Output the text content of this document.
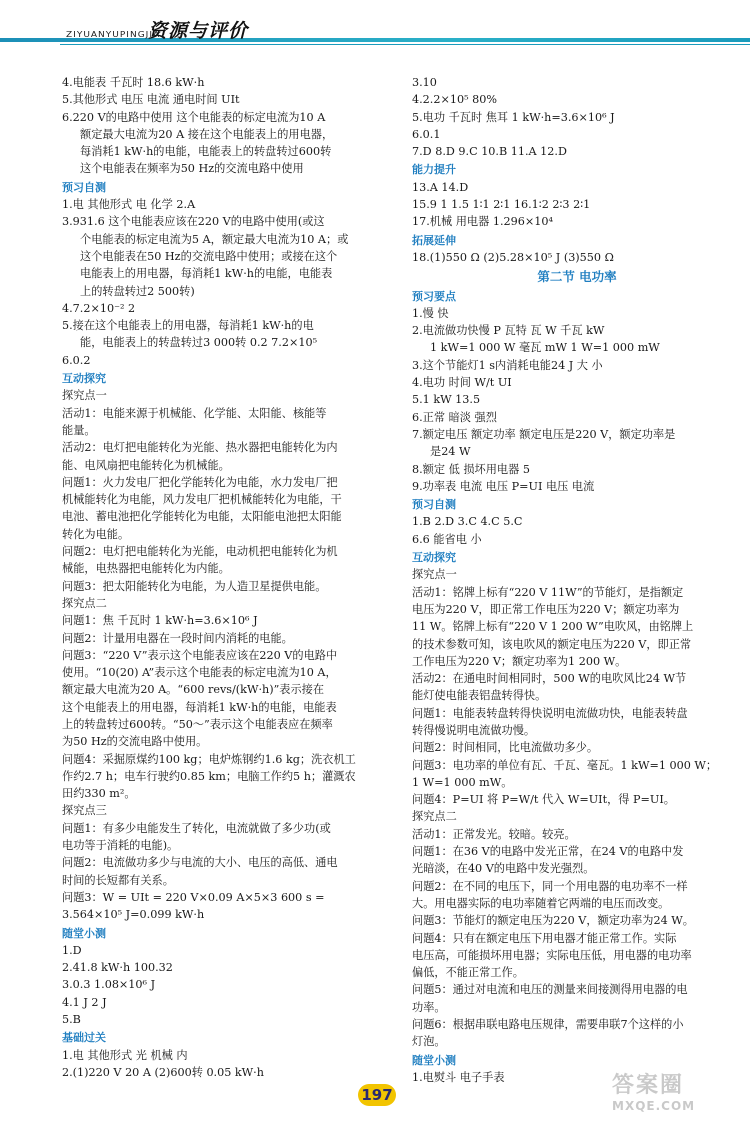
ZIYUANYUPINGJIA
资源与评价
4.电能表 千瓦时 18.6 kW·h
5.其他形式 电压 电流 通电时间 UIt
6.220 V的电路中使用 这个电能表的标定电流为10 A
额定最大电流为20 A 接在这个电能表上的用电器，
每消耗1 kW·h的电能，电能表上的转盘转过600转
这个电能表在频率为50 Hz的交流电路中使用
预习自测
1.电 其他形式 电 化学 2.A
3.931.6 这个电能表应该在220 V的电路中使用(或这
个电能表的标定电流为5 A，额定最大电流为10 A；或
这个电能表在50 Hz的交流电路中使用；或接在这个
电能表上的用电器，每消耗1 kW·h的电能，电能表
上的转盘转过2 500转)
4.7.2×10⁻² 2
5.接在这个电能表上的用电器，每消耗1 kW·h的电
能，电能表上的转盘转过3 000转 0.2 7.2×10⁵
6.0.2
互动探究
探究点一
活动1：电能来源于机械能、化学能、太阳能、核能等
能量。
活动2：电灯把电能转化为光能、热水器把电能转化为内
能、电风扇把电能转化为机械能。
问题1：火力发电厂把化学能转化为电能，水力发电厂把
机械能转化为电能，风力发电厂把机械能转化为电能，干
电池、蓄电池把化学能转化为电能，太阳能电池把太阳能
转化为电能。
问题2：电灯把电能转化为光能，电动机把电能转化为机
械能，电热器把电能转化为内能。
问题3：把太阳能转化为电能，为人造卫星提供电能。
探究点二
问题1：焦 千瓦时 1 kW·h=3.6×10⁶ J
问题2：计量用电器在一段时间内消耗的电能。
问题3：“220 V”表示这个电能表应该在220 V的电路中
使用。“10(20) A”表示这个电能表的标定电流为10 A，
额定最大电流为20 A。“600 revs/(kW·h)”表示接在
这个电能表上的用电器，每消耗1 kW·h的电能，电能表
上的转盘转过600转。“50～”表示这个电能表应在频率
为50 Hz的交流电路中使用。
问题4：采掘原煤约100 kg；电炉炼钢约1.6 kg；洗衣机工
作约2.7 h；电车行驶约0.85 km；电脑工作约5 h；灌溉农
田约330 m²。
探究点三
问题1：有多少电能发生了转化，电流就做了多少功(或
电功等于消耗的电能)。
问题2：电流做功多少与电流的大小、电压的高低、通电
时间的长短都有关系。
问题3：W = UIt = 220 V×0.09 A×5×3 600 s =
3.564×10⁵ J=0.099 kW·h
随堂小测
1.D
2.41.8 kW·h 100.32
3.0.3 1.08×10⁶ J
4.1 J 2 J
5.B
基础过关
1.电 其他形式 光 机械 内
2.(1)220 V 20 A (2)600转 0.05 kW·h
3.10
4.2.2×10⁵ 80%
5.电功 千瓦时 焦耳 1 kW·h=3.6×10⁶ J
6.0.1
7.D 8.D 9.C 10.B 11.A 12.D
能力提升
13.A 14.D
15.9 1 1.5 1∶1 2∶1 16.1∶2 2∶3 2∶1
17.机械 用电器 1.296×10⁴
拓展延伸
18.(1)550 Ω (2)5.28×10⁵ J (3)550 Ω
第二节 电功率
预习要点
1.慢 快
2.电流做功快慢 P 瓦特 瓦 W 千瓦 kW
1 kW=1 000 W 毫瓦 mW 1 W=1 000 mW
3.这个节能灯1 s内消耗电能24 J 大 小
4.电功 时间 W/t UI
5.1 kW 13.5
6.正常 暗淡 强烈
7.额定电压 额定功率 额定电压是220 V，额定功率是
是24 W
8.额定 低 损坏用电器 5
9.功率表 电流 电压 P=UI 电压 电流
预习自测
1.B 2.D 3.C 4.C 5.C
6.6 能省电 小
互动探究
探究点一
活动1：铭牌上标有“220 V 11W”的节能灯，是指额定
电压为220 V，即正常工作电压为220 V；额定功率为
11 W。铭牌上标有“220 V 1 200 W”电吹风，由铭牌上
的技术参数可知，该电吹风的额定电压为220 V，即正常
工作电压为220 V；额定功率为1 200 W。
活动2：在通电时间相同时，500 W的电吹风比24 W节
能灯使电能表铝盘转得快。
问题1：电能表转盘转得快说明电流做功快，电能表转盘
转得慢说明电流做功慢。
问题2：时间相同，比电流做功多少。
问题3：电功率的单位有瓦、千瓦、毫瓦。1 kW=1 000 W；
1 W=1 000 mW。
问题4：P=UI 将 P=W/t 代入 W=UIt，得 P=UI。
探究点二
活动1：正常发光。较暗。较亮。
问题1：在36 V的电路中发光正常，在24 V的电路中发
光暗淡，在40 V的电路中发光强烈。
问题2：在不同的电压下，同一个用电器的电功率不一样
大。用电器实际的电功率随着它两端的电压而改变。
问题3：节能灯的额定电压为220 V，额定功率为24 W。
问题4：只有在额定电压下用电器才能正常工作。实际
电压高，可能损坏用电器；实际电压低，用电器的电功率
偏低，不能正常工作。
问题5：通过对电流和电压的测量来间接测得用电器的电
功率。
问题6：根据串联电路电压规律，需要串联7个这样的小
灯泡。
随堂小测
1.电熨斗 电子手表
197	答案圈
MXQE.COM
